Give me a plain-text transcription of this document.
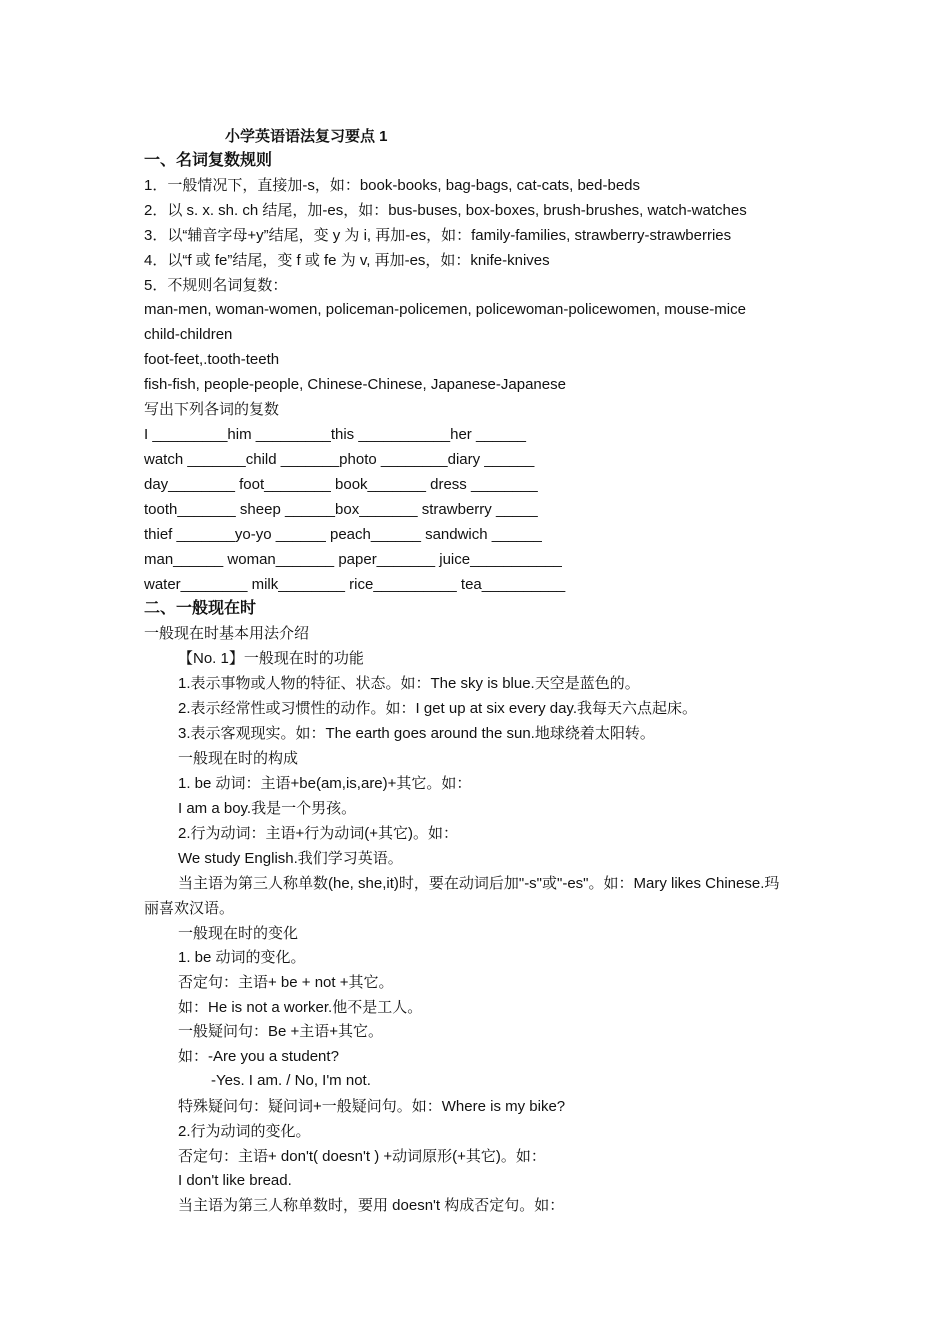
小学英语语法复习要点 1
一、名词复数规则
1．一般情况下，直接加-s，如：book-books, bag-bags, cat-cats, bed-beds
2．以 s. x. sh. ch 结尾，加-es，如：bus-buses, box-boxes, brush-brushes, watch-watches
3．以“辅音字母+y”结尾，变 y 为 i, 再加-es，如：family-families, strawberry-strawberries
4．以“f 或 fe”结尾，变 f 或 fe 为 v, 再加-es，如：knife-knives
5．不规则名词复数：
man-men, woman-women, policeman-policemen, policewoman-policewomen, mouse-mice
child-children
foot-feet,.tooth-teeth
fish-fish, people-people, Chinese-Chinese, Japanese-Japanese
写出下列各词的复数
I _________him _________this ___________her ______
watch _______child _______photo ________diary ______
day________ foot________ book_______ dress ________
tooth_______ sheep ______box_______ strawberry _____
thief _______yo-yo ______ peach______ sandwich ______
man______ woman_______ paper_______ juice___________
water________ milk________ rice__________ tea__________
二、一般现在时
一般现在时基本用法介绍
【No. 1】一般现在时的功能
1.表示事物或人物的特征、状态。如：The sky is blue.天空是蓝色的。
2.表示经常性或习惯性的动作。如：I get up at six every day.我每天六点起床。
3.表示客观现实。如：The earth goes around the sun.地球绕着太阳转。
一般现在时的构成
1. be 动词：主语+be(am,is,are)+其它。如：
I am a boy.我是一个男孩。
2.行为动词：主语+行为动词(+其它)。如：
We study English.我们学习英语。
当主语为第三人称单数(he, she,it)时，要在动词后加"-s"或"-es"。如：Mary likes Chinese.玛
丽喜欢汉语。
一般现在时的变化
1. be 动词的变化。
否定句：主语+ be + not +其它。
如：He is not a worker.他不是工人。
一般疑问句：Be +主语+其它。
如：-Are you a student?
-Yes. I am. / No, I'm not.
特殊疑问句：疑问词+一般疑问句。如：Where is my bike?
2.行为动词的变化。
否定句：主语+ don't( doesn't ) +动词原形(+其它)。如：
I don't like bread.
当主语为第三人称单数时，要用 doesn't 构成否定句。如：
